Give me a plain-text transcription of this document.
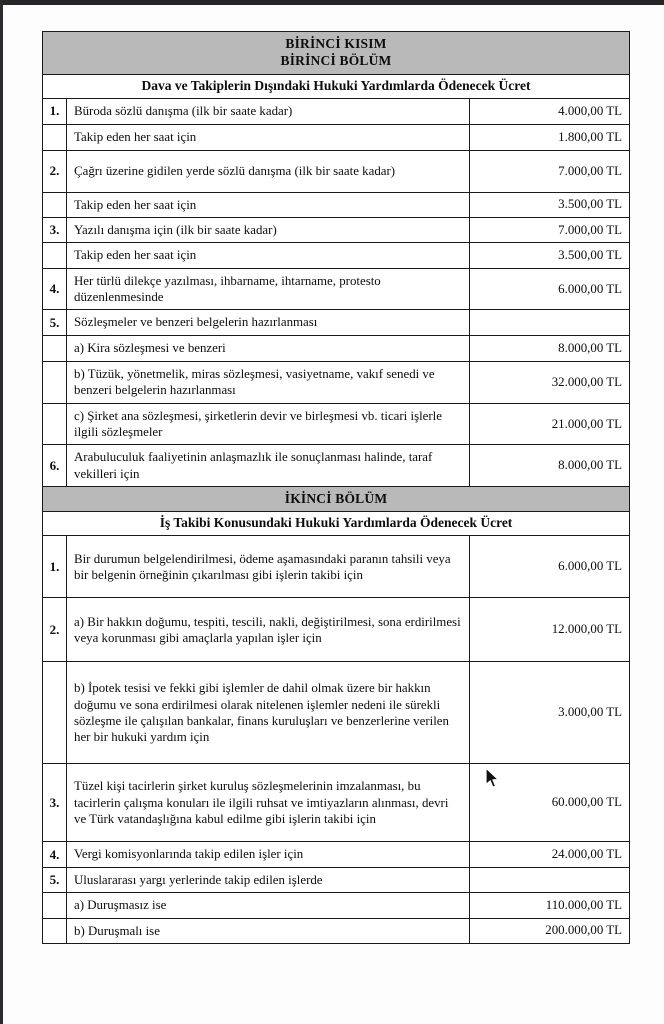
BİRİNCİ KISIM
BİRİNCİ BÖLÜM		

Dava ve Takiplerin Dışındaki Hukuki Yardımlarda Ödenecek Ücret		
1.	Büroda sözlü danışma (ilk bir saate kadar)	4.000,00 TL
	Takip eden her saat için	1.800,00 TL
2.	Çağrı üzerine gidilen yerde sözlü danışma (ilk bir saate kadar)	7.000,00 TL
	Takip eden her saat için	3.500,00 TL
3.	Yazılı danışma için (ilk bir saate kadar)	7.000,00 TL
	Takip eden her saat için	3.500,00 TL
4.	Her türlü dilekçe yazılması, ihbarname, ihtarname, protesto düzenlenmesinde	6.000,00 TL
5.	Sözleşmeler ve benzeri belgelerin hazırlanması	
	a) Kira sözleşmesi ve benzeri	8.000,00 TL
	b) Tüzük, yönetmelik, miras sözleşmesi, vasiyetname, vakıf senedi ve benzeri belgelerin hazırlanması	32.000,00 TL
	c) Şirket ana sözleşmesi, şirketlerin devir ve birleşmesi vb. ticari işlerle ilgili sözleşmeler	21.000,00 TL
6.	Arabuluculuk faaliyetinin anlaşmazlık ile sonuçlanması halinde, taraf vekilleri için	8.000,00 TL
İKİNCİ BÖLÜM		
İş Takibi Konusundaki Hukuki Yardımlarda Ödenecek Ücret		
1.	Bir durumun belgelendirilmesi, ödeme aşamasındaki paranın tahsili veya bir belgenin örneğinin çıkarılması gibi işlerin takibi için	6.000,00 TL
2.	a) Bir hakkın doğumu, tespiti, tescili, nakli, değiştirilmesi, sona erdirilmesi veya korunması gibi amaçlarla yapılan işler için	12.000,00 TL
	b) İpotek tesisi ve fekki gibi işlemler de dahil olmak üzere bir hakkın doğumu ve sona erdirilmesi olarak nitelenen işlemler nedeni ile sürekli sözleşme ile çalışılan bankalar, finans kuruluşları ve benzerlerine verilen her bir hukuki yardım için	3.000,00 TL
3.	Tüzel kişi tacirlerin şirket kuruluş sözleşmelerinin imzalanması, bu tacirlerin çalışma konuları ile ilgili ruhsat ve imtiyazların alınması, devri ve Türk vatandaşlığına kabul edilme gibi işlerin takibi için	60.000,00 TL
4.	Vergi komisyonlarında takip edilen işler için	24.000,00 TL
5.	Uluslararası yargı yerlerinde takip edilen işlerde	
	a) Duruşmasız ise	110.000,00 TL
	b) Duruşmalı ise	200.000,00 TL
